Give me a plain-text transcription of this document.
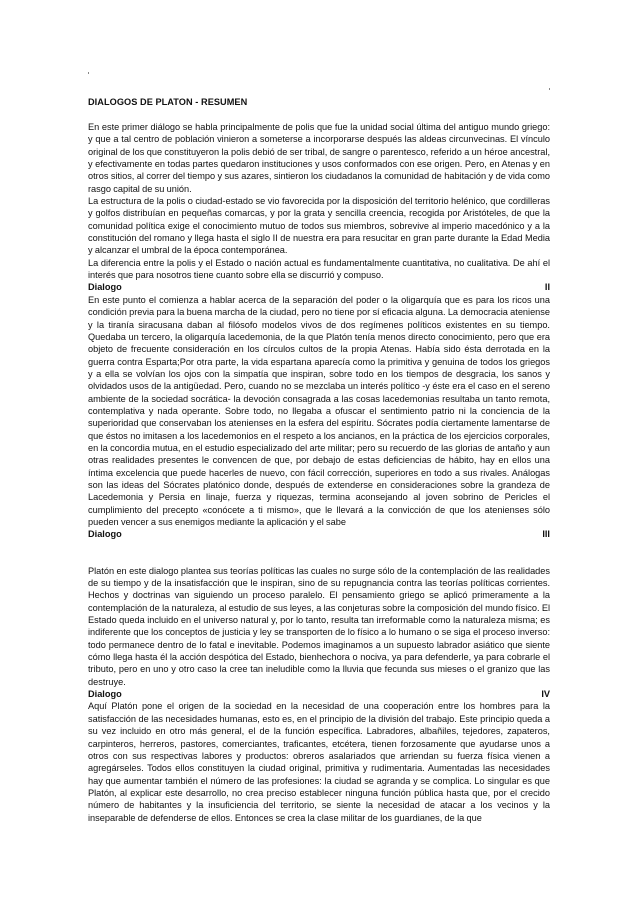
DIALOGOS DE PLATON - RESUMEN

En este primer diálogo se habla principalmente de polis que fue la unidad social última del antiguo mundo griego: y que a tal centro de población vinieron a someterse a incorporarse después las aldeas circunvecinas. El vínculo original de los que constituyeron la polis debió de ser tribal, de sangre o parentesco, referido a un héroe ancestral, y efectivamente en todas partes quedaron instituciones y usos conformados con ese origen. Pero, en Atenas y en otros sitios, al correr del tiempo y sus azares, sintieron los ciudadanos la comunidad de habitación y de vida como rasgo capital de su unión.

La estructura de la polis o ciudad-estado se vio favorecida por la disposición del territorio helénico, que cordilleras y golfos distribuían en pequeñas comarcas, y por la grata y sencilla creencia, recogida por Aristóteles, de que la comunidad política exige el conocimiento mutuo de todos sus miembros, sobrevive al imperio macedónico y a la constitución del romano y llega hasta el siglo II de nuestra era para resucitar en gran parte durante la Edad Media y alcanzar el umbral de la época contemporánea.

La diferencia entre la polis y el Estado o nación actual es fundamentalmente cuantitativa, no cualitativa. De ahí el interés que para nosotros tiene cuanto sobre ella se discurrió y compuso.

Dialogo	II

En este punto el comienza a hablar acerca de la separación del poder o la oligarquía que es para los ricos una condición previa para la buena marcha de la ciudad, pero no tiene por sí eficacia alguna. La democracia ateniense y la tiranía siracusana daban al filósofo modelos vivos de dos regímenes políticos existentes en su tiempo. Quedaba un tercero, la oligarquía lacedemonia, de la que Platón tenía menos directo conocimiento, pero que era objeto de frecuente consideración en los círculos cultos de la propia Atenas. Había sido ésta derrotada en la guerra contra Esparta;Por otra parte, la vida espartana aparecía como la primitiva y genuina de todos los griegos y a ella se volvían los ojos con la simpatía que inspiran, sobre todo en los tiempos de desgracia, los sanos y olvidados usos de la antigüedad. Pero, cuando no se mezclaba un interés político -y éste era el caso en el sereno ambiente de la sociedad socrática- la devoción consagrada a las cosas lacedemonias resultaba un tanto remota, contemplativa y nada operante. Sobre todo, no llegaba a ofuscar el sentimiento patrio ni la conciencia de la superioridad que conservaban los atenienses en la esfera del espíritu. Sócrates podía ciertamente lamentarse de que éstos no imitasen a los lacedemonios en el respeto a los ancianos, en la práctica de los ejercicios corporales, en la concordia mutua, en el estudio especializado del arte militar; pero su recuerdo de las glorias de antaño y aun otras realidades presentes le convencen de que, por debajo de estas deficiencias de hábito, hay en ellos una íntima excelencia que puede hacerles de nuevo, con fácil corrección, superiores en todo a sus rivales. Análogas son las ideas del Sócrates platónico donde, después de extenderse en consideraciones sobre la grandeza de Lacedemonia y Persia en linaje, fuerza y riquezas, termina aconsejando al joven sobrino de Pericles el cumplimiento del precepto «conócete a ti mismo», que le llevará a la convicción de que los atenienses sólo pueden vencer a sus enemigos mediante la aplicación y el sabe

Dialogo	III

Platón en este dialogo plantea sus teorías políticas las cuales no surge sólo de la contemplación de las realidades de su tiempo y de la insatisfacción que le inspiran, sino de su repugnancia contra las teorías políticas corrientes. Hechos y doctrinas van siguiendo un proceso paralelo. El pensamiento griego se aplicó primeramente a la contemplación de la naturaleza, al estudio de sus leyes, a las conjeturas sobre la composición del mundo físico. El Estado queda incluido en el universo natural y, por lo tanto, resulta tan irreformable como la naturaleza misma; es indiferente que los conceptos de justicia y ley se transporten de lo físico a lo humano o se siga el proceso inverso: todo permanece dentro de lo fatal e inevitable. Podemos imaginamos a un supuesto labrador asiático que siente cómo llega hasta él la acción despótica del Estado, bienhechora o nociva, ya para defenderle, ya para cobrarle el tributo, pero en uno y otro caso la cree tan ineludible como la lluvia que fecunda sus mieses o el granizo que las destruye.

Dialogo	IV

Aquí Platón pone el origen de la sociedad en la necesidad de una cooperación entre los hombres para la satisfacción de las necesidades humanas, esto es, en el principio de la división del trabajo. Este principio queda a su vez incluido en otro más general, el de la función específica. Labradores, albañiles, tejedores, zapateros, carpinteros, herreros, pastores, comerciantes, traficantes, etcétera, tienen forzosamente que ayudarse unos a otros con sus respectivas labores y productos: obreros asalariados que arriendan su fuerza física vienen a agregárseles. Todos ellos constituyen la ciudad original, primitiva y rudimentaria. Aumentadas las necesidades hay que aumentar también el número de las profesiones: la ciudad se agranda y se complica. Lo singular es que Platón, al explicar este desarrollo, no crea preciso establecer ninguna función pública hasta que, por el crecido número de habitantes y la insuficiencia del territorio, se siente la necesidad de atacar a los vecinos y la inseparable de defenderse de ellos. Entonces se crea la clase militar de los guardianes, de la que
